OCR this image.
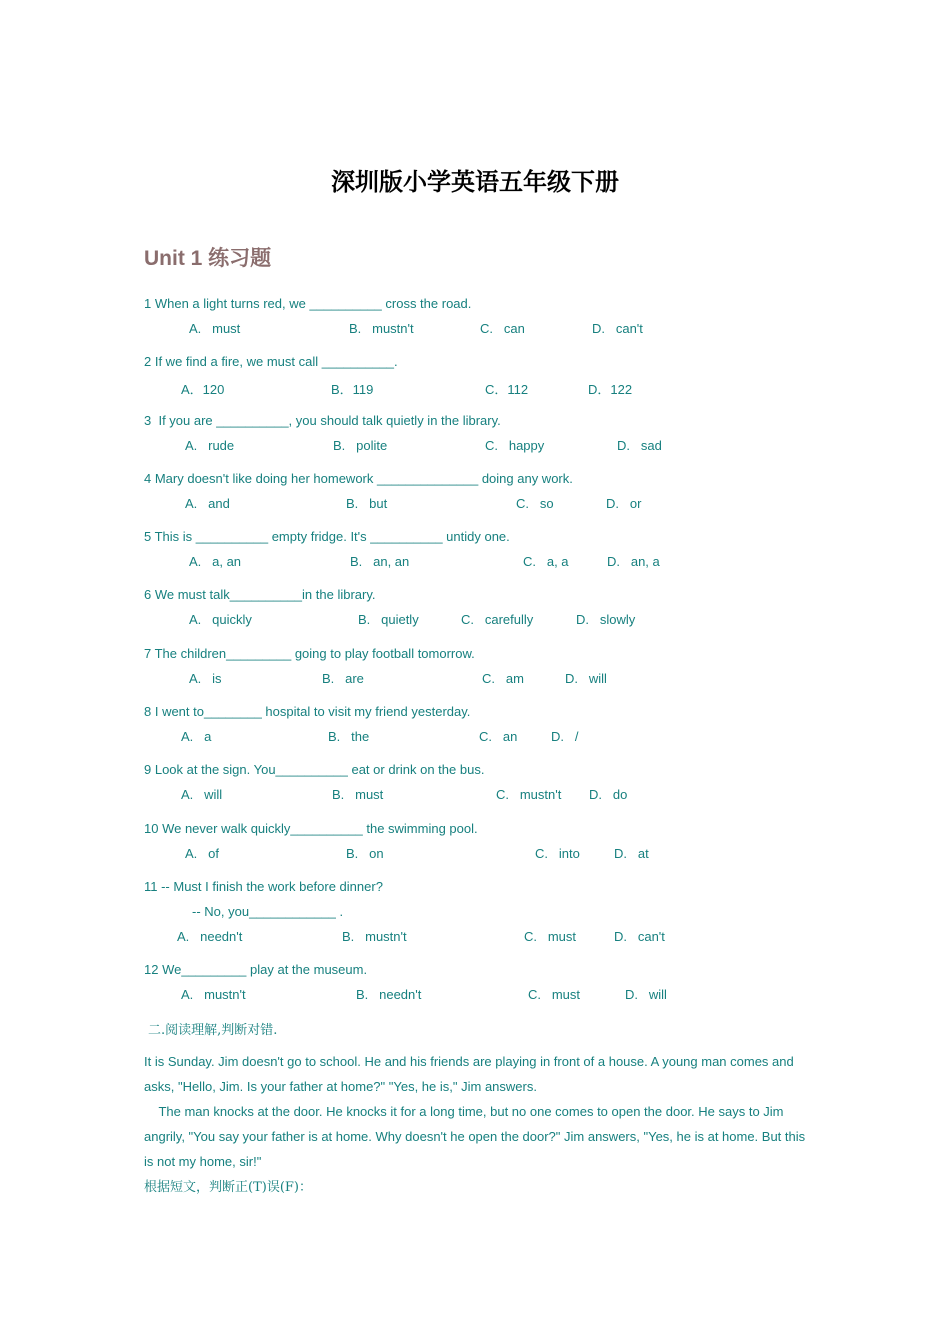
深圳版小学英语五年级下册
Unit 1 练习题
1 When a light turns red, we __________ cross the road.
A.   must	B.   mustn't	C.   can	D.   can't
2 If we find a fire, we must call __________.
A．120	B．119	C．112	D．122
3  If you are __________, you should talk quietly in the library.
A.   rude	B.   polite	C.   happy	D.   sad
4 Mary doesn't like doing her homework ______________ doing any work.
A.   and	B.   but	C.   so	D.   or
5 This is __________ empty fridge. It's __________ untidy one.
A.   a, an	B.   an, an	C.   a, a	D.   an, a
6 We must talk__________in the library.
A.   quickly	B.   quietly	C.   carefully	D.   slowly
7 The children_________ going to play football tomorrow.
A.   is	B.   are	C.   am	D.   will
8 I went to________ hospital to visit my friend yesterday.
A.   a	B.   the	C.   an	D.   /
9 Look at the sign. You__________ eat or drink on the bus.
A.   will	B.   must	C.   mustn't D.   do
10 We never walk quickly__________ the swimming pool.
A.   of	B.   on	C.   into	D.   at
11 -- Must I finish the work before dinner?
-- No, you____________ .
A.   needn't	B.   mustn't	C.   must	D.   can't
12 We_________ play at the museum.
A.   mustn't	B.   needn't	C.   must	D.   will
二.阅读理解,判断对错.
It is Sunday. Jim doesn't go to school. He and his friends are playing in front of a house. A young man comes and asks, "Hello, Jim. Is your father at home?" "Yes, he is," Jim answers.
The man knocks at the door. He knocks it for a long time, but no one comes to open the door. He says to Jim angrily, "You say your father is at home. Why doesn't he open the door?" Jim answers, "Yes, he is at home. But this is not my home, sir!"
根据短文，判断正(T)误(F)：
